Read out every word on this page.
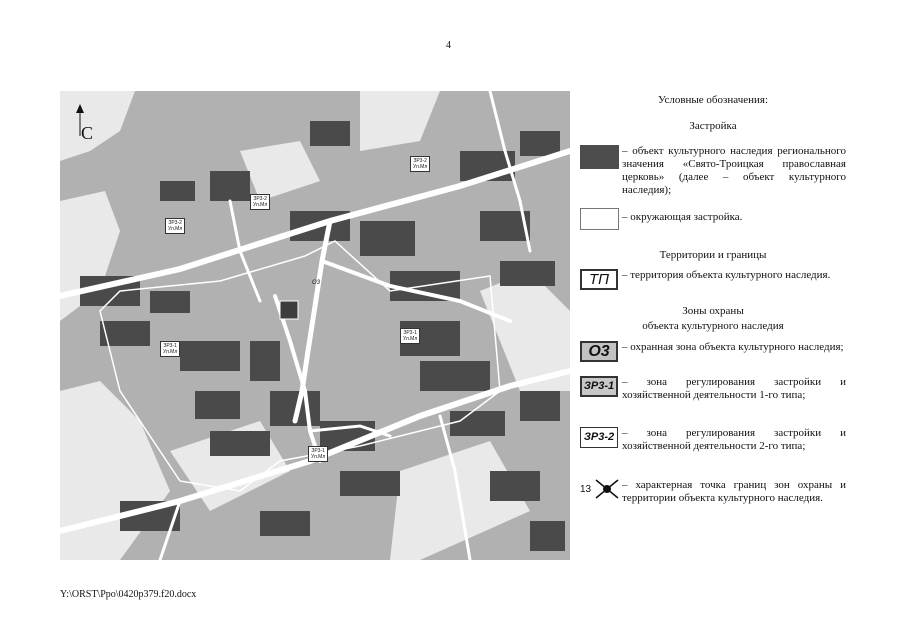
4
С
ЗР3-2
Ул.Мл
ЗР3-2
Ул.Мл
ЗР3-2
Ул.Мл
ЗР3-1
Ул.Мл
ЗР3-1
Ул.Мл
ЗР3-1
Ул.Мл
О3
Условные обозначения:
Застройка
– объект культурного наследия регионального значения «Свято-Троицкая православная церковь» (далее – объект культурного наследия);
– окружающая застройка.
Территории и границы
ТП	– территория объекта культурного наследия.
Зоны охраны
объекта культурного наследия
О3	– охранная зона объекта культурного наследия;
ЗР3-1 – зона регулирования застройки и хозяйственной деятельности 1-го типа;
ЗР3-2 – зона регулирования застройки и хозяйственной деятельности 2-го типа;
13	– характерная точка границ зон охраны и территории объекта культурного наследия.
Y:\ORST\Ppo\0420p379.f20.docx
